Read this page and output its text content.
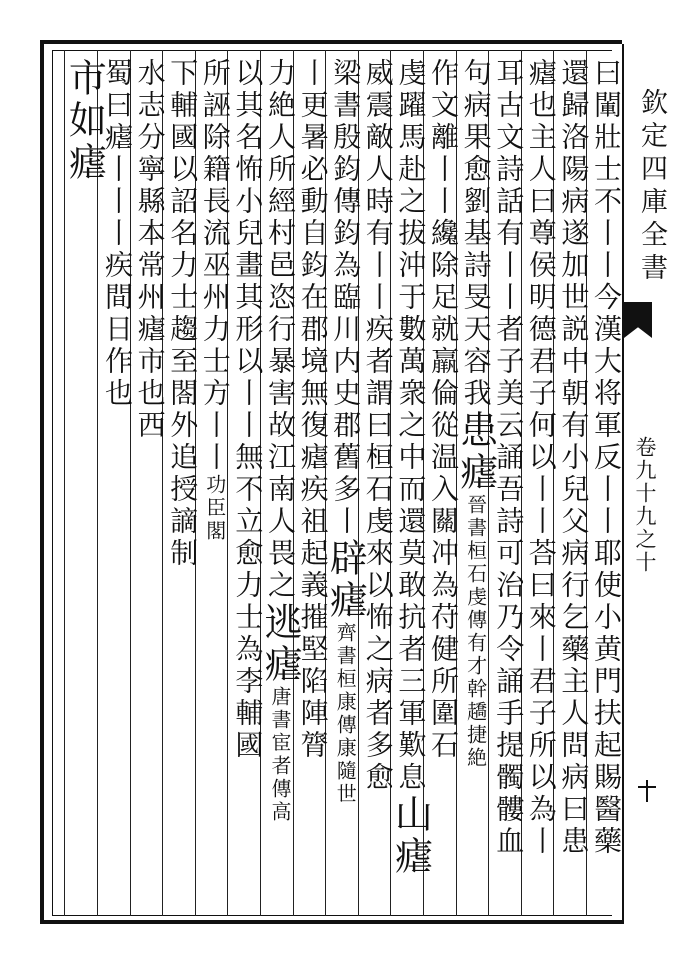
欽定四庫全書
卷九十九之十
曰閳壯士不丨丨今漢大将軍反丨丨耶使小黄門扶起賜醫藥
還歸洛陽病遂加世説中朝有小兒父病行乞藥主人問病曰患
瘧也主人曰尊侯明德君子何以丨丨荅曰來丨君子所以為丨
耳古文詩話有丨丨者子美云誦吾詩可治乃令誦手提髑髏血
句病果愈劉基詩旻天容我患瘧晉書桓石虔傳有才幹趫捷絶
作文離丨丨纔除足就羸倫從温入關冲為苻健所圍石
虔躍馬赴之拔沖于數萬衆之中而還莫敢抗者三軍歎息山瘧
威震敵人時有丨丨疾者謂曰桓石虔來以怖之病者多愈
梁書殷鈞傳鈞為臨川内史郡舊多丨辟瘧齊書桓康傳康隨世
丨更暑必動自鈞在郡境無復瘧疾祖起義摧堅陷陣膂
力絶人所經村邑恣行暴害故江南人畏之逃瘧唐書宦者傳高
以其名怖小兒畫其形以丨丨無不立愈力士為李輔國
所誣除籍長流巫州力士方丨丨功臣閣
下輔國以詔名力士趨至閤外追授謫制
水志分寧縣本常州瘧市也西
蜀曰瘧丨丨丨疾間日作也
市如瘧
